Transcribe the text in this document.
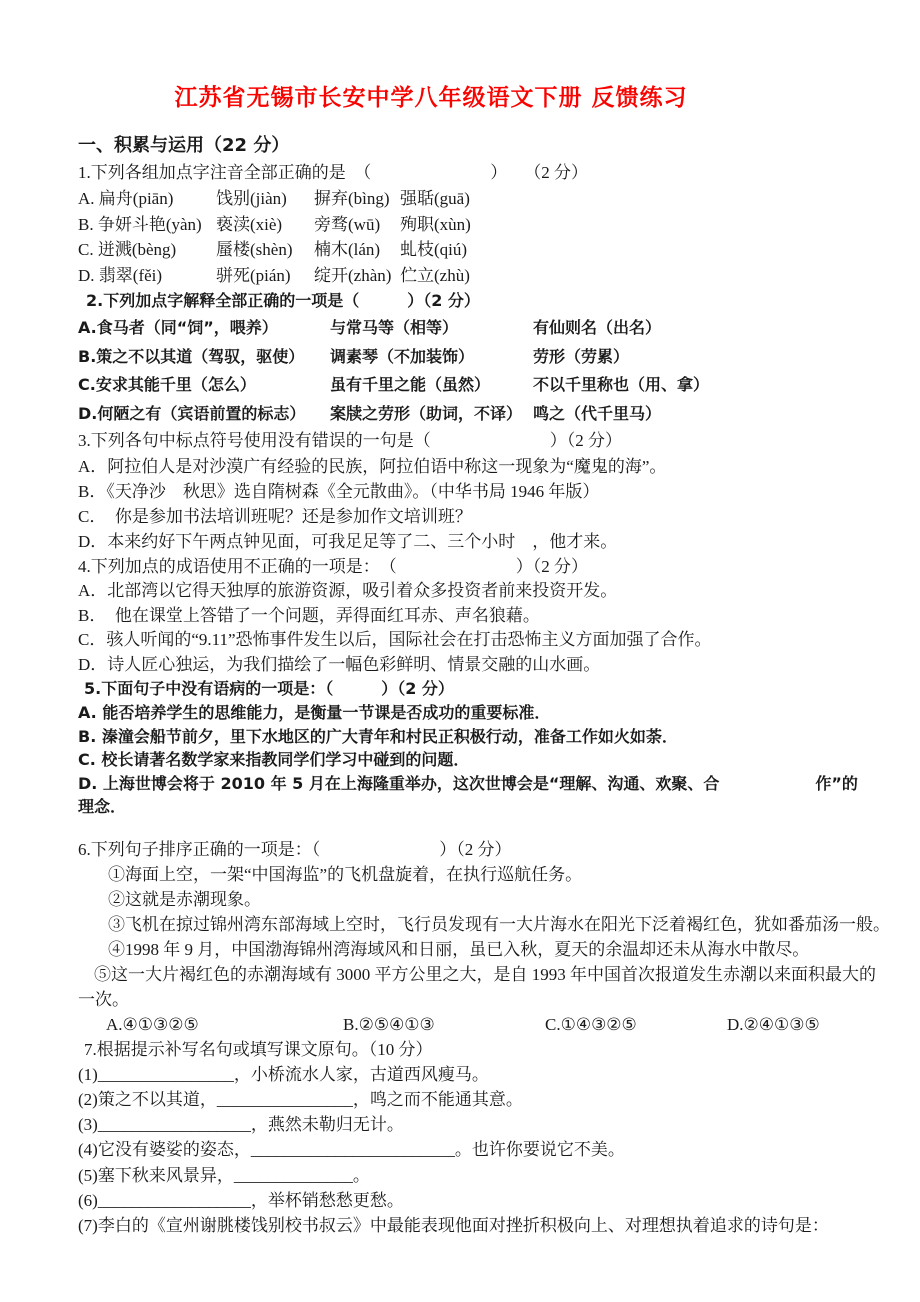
江苏省无锡市长安中学八年级语文下册 反馈练习
一、积累与运用（22 分）
1.下列各组加点字注音全部正确的是　（　　　　　　　）　　（2 分）
A. 扁舟(piān)	饯别(jiàn)	摒弃(bìng) 强聒(guā)
B. 争妍斗艳(yàn) 亵渎(xiè)	旁骛(wū)	殉职(xùn)
C. 迸溅(bèng)	蜃楼(shèn)	楠木(lán)	虬枝(qiú)
D. 翡翠(fěi)	骈死(pián)	绽开(zhàn) 伫立(zhù)
2.下列加点字解释全部正确的一项是（　　　）（2 分）
A.食马者（同“饲”，喂养）	与常马等（相等）	有仙则名（出名）
B.策之不以其道（驾驭，驱使）	调素琴（不加装饰）	劳形（劳累）
C.安求其能千里（怎么）	虽有千里之能（虽然）	不以千里称也（用、拿）
D.何陋之有（宾语前置的标志）	案牍之劳形（助词，不译） 鸣之（代千里马）
3.下列各句中标点符号使用没有错误的一句是（　　　　　　　）（2 分）
A．阿拉伯人是对沙漠广有经验的民族，阿拉伯语中称这一现象为“魔鬼的海”。
B．《天净沙　秋思》选自隋树森《全元散曲》。（中华书局 1946 年版）
C．　你是参加书法培训班呢？还是参加作文培训班？
D．本来约好下午两点钟见面，可我足足等了二、三个小时　，他才来。
4.下列加点的成语使用不正确的一项是：　（　　　　　　　）（2 分）
A．北部湾以它得天独厚的旅游资源，吸引着众多投资者前来投资开发。
B．　他在课堂上答错了一个问题，弄得面红耳赤、声名狼藉。
C．骇人听闻的“9.11”恐怖事件发生以后，国际社会在打击恐怖主义方面加强了合作。
D．诗人匠心独运，为我们描绘了一幅色彩鲜明、情景交融的山水画。
5.下面句子中没有语病的一项是：（　　　）（2 分）
A. 能否培养学生的思维能力，是衡量一节课是否成功的重要标准．
B. 溱潼会船节前夕，里下水地区的广大青年和村民正积极行动，准备工作如火如荼．
C. 校长请著名数学家来指教同学们学习中碰到的问题．
D. 上海世博会将于 2010 年 5 月在上海隆重举办，这次世博会是“理解、沟通、欢聚、合　　　　　　作”的
理念．
6.下列句子排序正确的一项是：（　　　　　　　）（2 分）
①海面上空，一架“中国海监”的飞机盘旋着，在执行巡航任务。
②这就是赤潮现象。
③飞机在掠过锦州湾东部海域上空时，飞行员发现有一大片海水在阳光下泛着褐红色，犹如番茄汤一般。
④1998 年 9 月，中国渤海锦州湾海域风和日丽，虽已入秋，夏天的余温却还未从海水中散尽。
⑤这一大片褐红色的赤潮海域有 3000 平方公里之大，是自 1993 年中国首次报道发生赤潮以来面积最大的
一次。
A.④①③②⑤	B.②⑤④①③	C.①④③②⑤	D.②④①③⑤
7.根据提示补写名句或填写课文原句。（10 分）
(1)________________，小桥流水人家，古道西风瘦马。
(2)策之不以其道，________________，鸣之而不能通其意。
(3)__________________，燕然未勒归无计。
(4)它没有婆娑的姿态，________________________。也许你要说它不美。
(5)塞下秋来风景异，______________。
(6)__________________，举杯销愁愁更愁。
(7)李白的《宣州谢朓楼饯别校书叔云》中最能表现他面对挫折积极向上、对理想执着追求的诗句是：
